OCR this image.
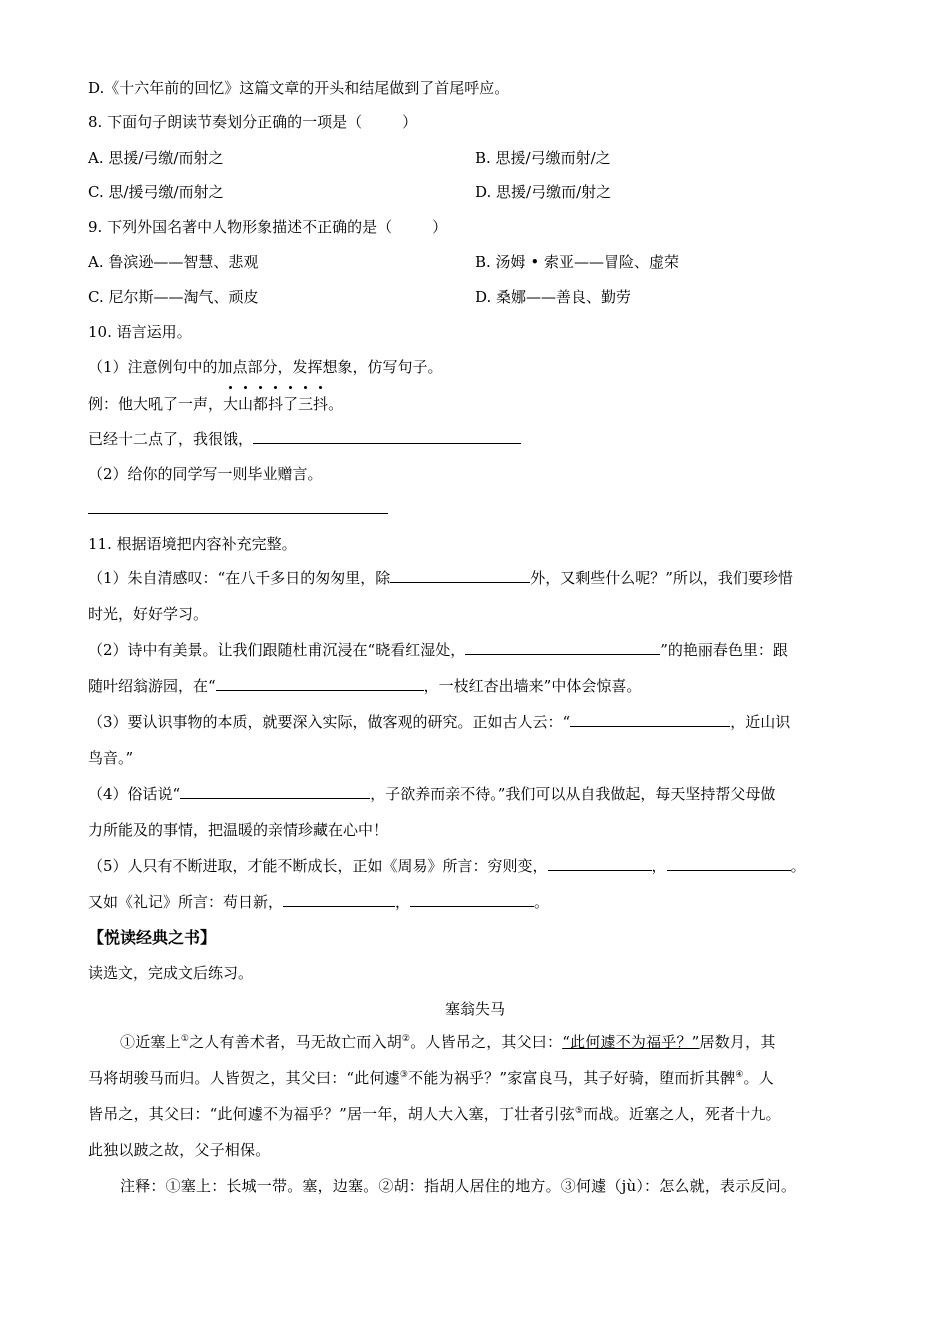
D.《十六年前的回忆》这篇文章的开头和结尾做到了首尾呼应。
8. 下面句子朗读节奏划分正确的一项是（	）
A. 思援/弓缴/而射之	B. 思援/弓缴而射/之
C. 思/援弓缴/而射之	D. 思援/弓缴而/射之
9. 下列外国名著中人物形象描述不正确的是（	）
A. 鲁滨逊——智慧、悲观	B. 汤姆 • 索亚——冒险、虚荣
C. 尼尔斯——淘气、顽皮	D. 桑娜——善良、勤劳
10. 语言运用。
（1）注意例句中的加点部分，发挥想象，仿写句子。
例：他大吼了一声，
大
山
都
抖
了
三
抖。
已经十二点了，我很饿，
（2）给你的同学写一则毕业赠言。
11. 根据语境把内容补充完整。
（1）朱自清感叹：“在八千多日的匆匆里，除	外，又剩些什么呢？”所以，我们要珍惜
时光，好好学习。
（2）诗中有美景。让我们跟随杜甫沉浸在“晓看红湿处，	”的艳丽春色里：跟
随叶绍翁游园，在“	，一枝红杏出墙来”中体会惊喜。
（3）要认识事物的本质，就要深入实际，做客观的研究。正如古人云：“	，近山识
鸟音。”
（4）俗话说“	，子欲养而亲不待。”我们可以从自我做起，每天坚持帮父母做
力所能及的事情，把温暖的亲情珍藏在心中！
（5）人只有不断进取，才能不断成长，正如《周易》所言：穷则变，	，	。
又如《礼记》所言：苟日新，	，	。
【悦读经典之书】
读选文，完成文后练习。
塞翁失马
①近塞上①之人有善术者，马无故亡而入胡②。人皆吊之，其父曰：“此何遽不为福乎？”居数月，其
马将胡骏马而归。人皆贺之，其父曰：“此何遽③不能为祸乎？”家富良马，其子好骑，堕而折其髀④。人
皆吊之，其父曰：“此何遽不为福乎？”居一年，胡人大入塞，丁壮者引弦⑤而战。近塞之人，死者十九。
此独以跛之故，父子相保。
注释：①塞上：长城一带。塞，边塞。②胡：指胡人居住的地方。③何遽（jù）：怎么就，表示反问。
